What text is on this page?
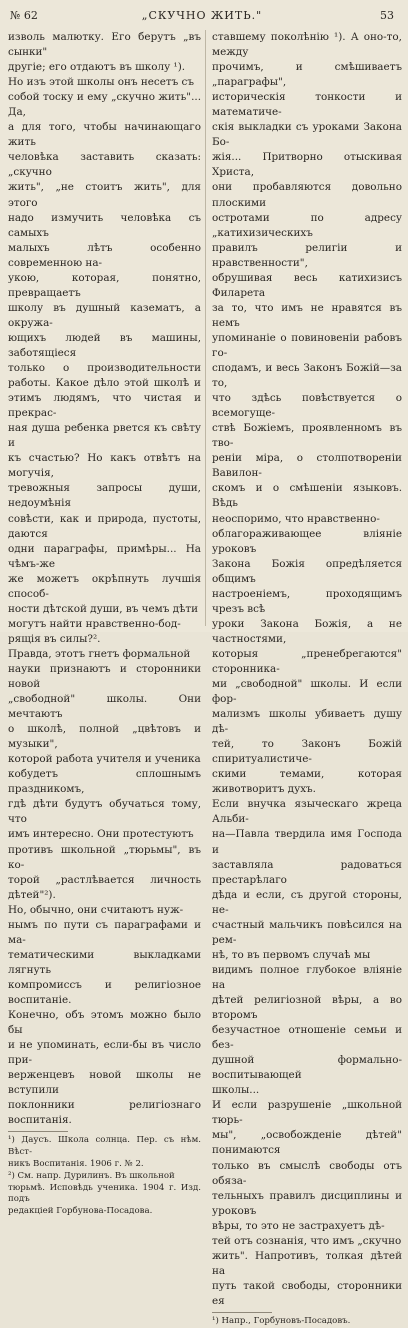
№ 62	„СКУЧНО ЖИТЬ."	53

изволь малютку. Его берутъ „въ сынки"
другіе; его отдаютъ въ школу ¹).

Но изъ этой школы онъ несетъ съ
собой тоску и ему „скучно жить"... Да,
а для того, чтобы начинающаго жить
человѣка заставить сказать: „скучно
жить", „не стоитъ жить", для этого
надо измучить человѣка съ самыхъ
малыхъ лѣтъ особенно современною на-
укою, которая, понятно, превращаетъ
школу въ душный казематъ, а окружа-
ющихъ людей въ машины, заботящіеся
только о производительности работы. Какое дѣло этой школѣ и этимъ людямъ, что чистая и прекрас-
ная душа ребенка рвется къ свѣту и
къ счастью? Но какъ отвѣтъ на могучія,
тревожныя запросы души, недоумѣнія
совѣсти, как и природа, пустоты, даются
одни параграфы, примѣры... На чѣмъ-же
же можетъ окрѣпнуть лучшія способ-
ности дѣтской души, въ чемъ дѣти
могутъ найти нравственно-бод-
рящія въ силы?².

Правда, этотъ гнетъ формальной
науки признаютъ и сторонники новой
„свободной" школы. Они мечтаютъ
о школѣ, полной „цвѣтовъ и музыки",
которой работа учителя и ученика
кобудетъ сплошнымъ праздникомъ,
гдѣ дѣти будутъ обучаться тому, что
имъ интересно. Они протестуютъ
противъ школьной „тюрьмы", въ ко-
торой „растлѣвается личность дѣтей"²).
Но, обычно, они считаютъ нуж-
нымъ по пути съ параграфами и ма-
тематическими выкладками лягнуть
компромиссъ и религіозное воспитаніе.
Конечно, объ этомъ можно было бы
и не упоминать, если-бы въ число при-
верженцевъ новой школы не вступили
поклонники религіознаго воспитанія.

¹) Даусъ. Школа солнца. Пер. съ нѣм. Вѣст-
никъ Воспитанія. 1906 г. № 2.

²) См. напр. Дурилинъ. Въ школьной
тюрьмѣ. Исповѣдь ученика. 1904 г. Изд. подъ
редакціей Горбунова-Посадова.

ставшему поколѣнію ¹). А оно-то, между
прочимъ, и смѣшиваетъ „параграфы",
историческія тонкости и математиче-
скія выкладки съ уроками Закона Бо-
жія... Притворно отыскивая Христа,
они пробавляются довольно плоскими
остротами по адресу „катихизическихъ
правилъ религіи и нравственности",
обрушивая весь катихизисъ Филарета
за то, что имъ не нравятся въ немъ
упоминаніе о повиновеніи рабовъ го-
сподамъ, и весь Законъ Божій—за то,
что здѣсь повѣствуется о всемогуще-
ствѣ Божіемъ, проявленномъ въ тво-
реніи міра, о столпотвореніи Вавилон-
скомъ и о смѣшеніи языковъ. Вѣдь
неоспоримо, что нравственно-
облагораживающее вліяніе уроковъ
Закона Божія опредѣляется общимъ
настроеніемъ, проходящимъ чрезъ всѣ
уроки Закона Божія, а не частностями,
которыя „пренебрегаются" сторонника-
ми „свободной" школы. И если фор-
мализмъ школы убиваетъ душу дѣ-
тей, то Законъ Божій спиритуалистиче-
скими темами, которая животворитъ духъ.
Если внучка языческаго жреца Альби-
на—Павла твердила имя Господа и
заставляла радоваться престарѣлаго
дѣда и если, съ другой стороны, не-
счастный мальчикъ повѣсился на рем-
нѣ, то въ первомъ случаѣ мы
видимъ полное глубокое вліяніе на
дѣтей религіозной вѣры, а во второмъ
безучастное отношеніе семьи и без-
душной формально-воспитывающей
школы...

И если разрушеніе „школьной тюрь-
мы", „освобожденіе дѣтей" понимаются
только въ смыслѣ свободы отъ обяза-
тельныхъ правилъ дисциплины и уроковъ
вѣры, то это не застрахуетъ дѣ-
тей отъ сознанія, что имъ „скучно
жить". Напротивъ, толкая дѣтей на
путь такой свободы, сторонники ея

¹) Напр., Горбуновъ-Посадовъ.
